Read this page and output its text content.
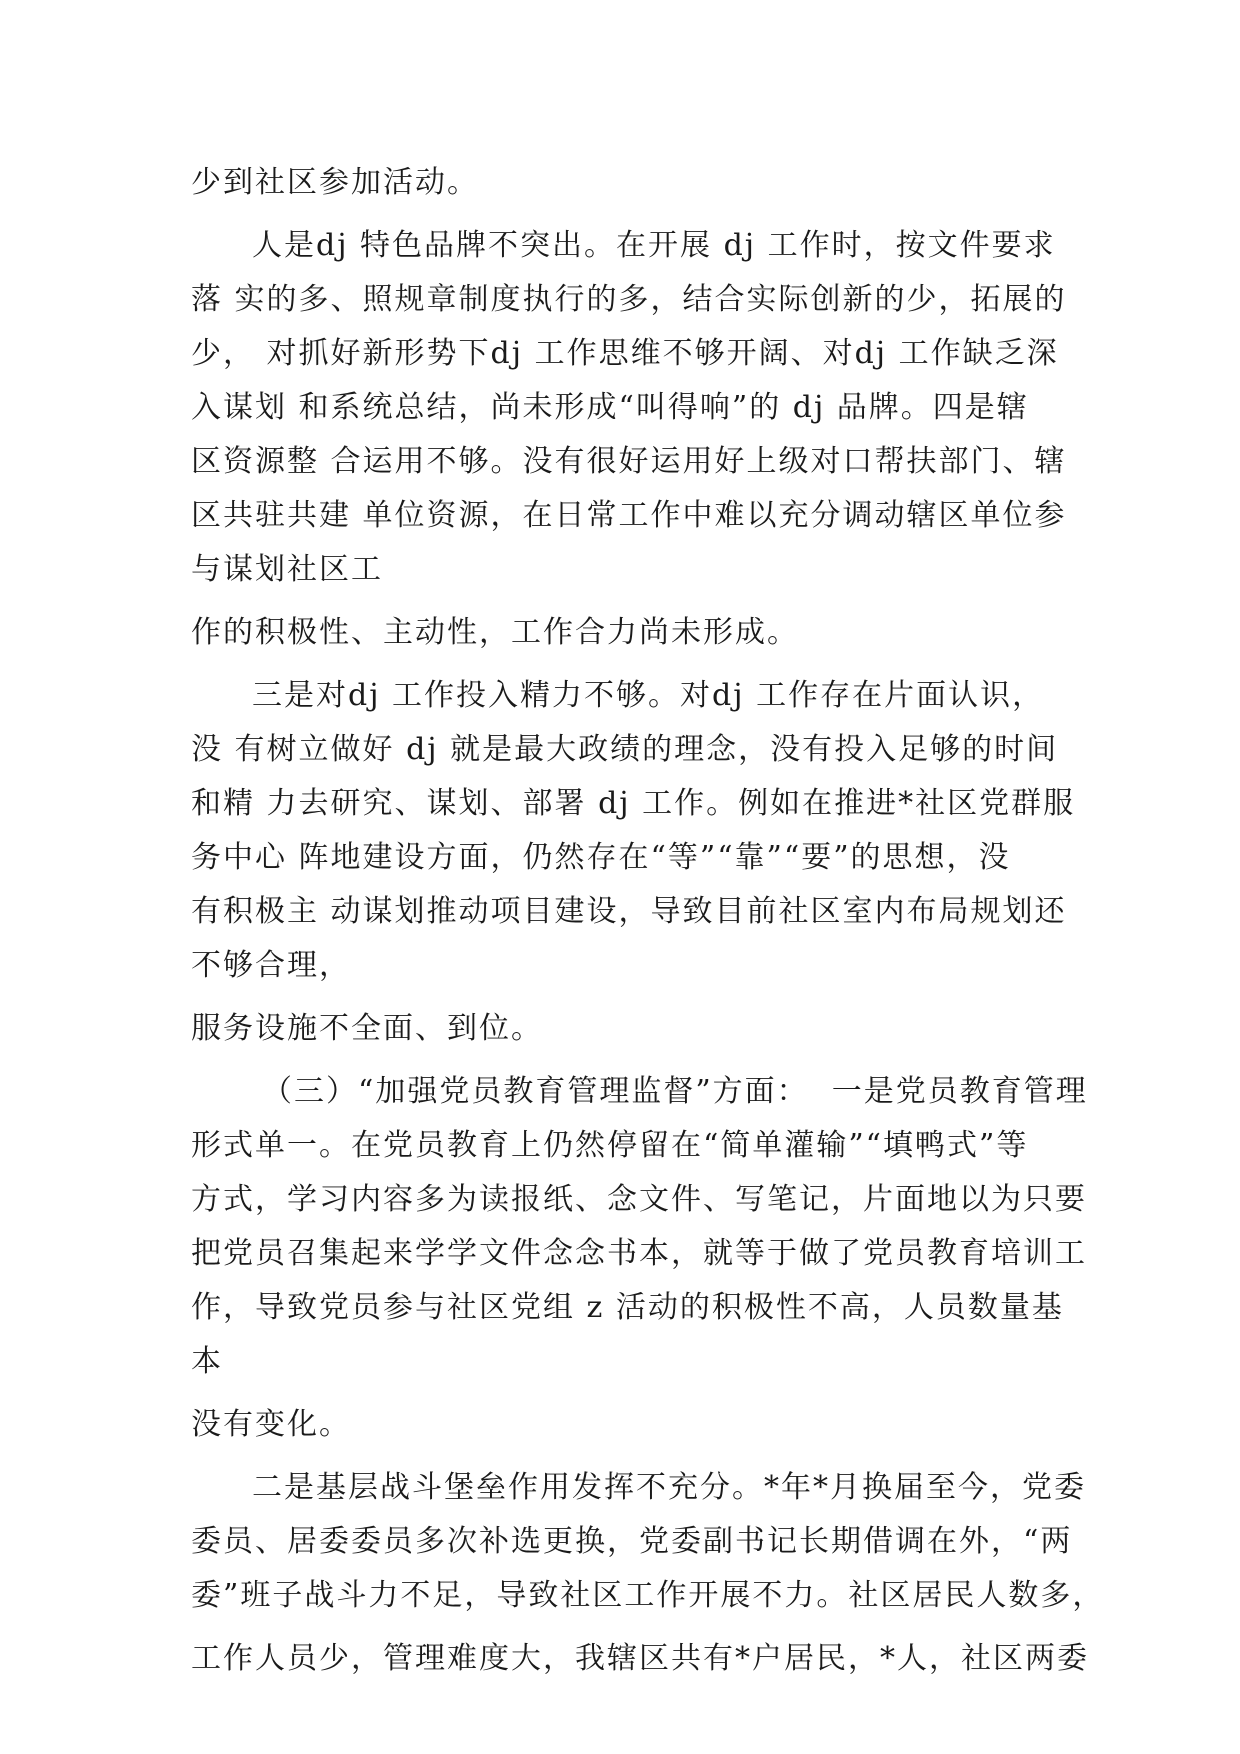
少到社区参加活动。
人是dj 特色品牌不突出。在开展 dj 工作时，按文件要求
落 实的多、照规章制度执行的多，结合实际创新的少，拓展的
少， 对抓好新形势下dj 工作思维不够开阔、对dj 工作缺乏深
入谋划 和系统总结，尚未形成“叫得响”的 dj 品牌。四是辖
区资源整 合运用不够。没有很好运用好上级对口帮扶部门、辖
区共驻共建 单位资源，在日常工作中难以充分调动辖区单位参
与谋划社区工
作的积极性、主动性，工作合力尚未形成。
三是对dj 工作投入精力不够。对dj 工作存在片面认识，
没 有树立做好 dj 就是最大政绩的理念，没有投入足够的时间
和精 力去研究、谋划、部署 dj 工作。例如在推进*社区党群服
务中心 阵地建设方面，仍然存在“等”“靠”“要”的思想，没
有积极主 动谋划推动项目建设，导致目前社区室内布局规划还
不够合理，
服务设施不全面、到位。
（三）“加强党员教育管理监督”方面：  一是党员教育管理
形式单一。在党员教育上仍然停留在“简单灌输”“填鸭式”等
方式，学习内容多为读报纸、念文件、写笔记，片面地以为只要
把党员召集起来学学文件念念书本，就等于做了党员教育培训工
作，导致党员参与社区党组 z 活动的积极性不高，人员数量基
本
没有变化。
二是基层战斗堡垒作用发挥不充分。*年*月换届至今，党委
委员、居委委员多次补选更换，党委副书记长期借调在外，“两
委”班子战斗力不足，导致社区工作开展不力。社区居民人数多，
工作人员少，管理难度大，我辖区共有*户居民，*人，社区两委
